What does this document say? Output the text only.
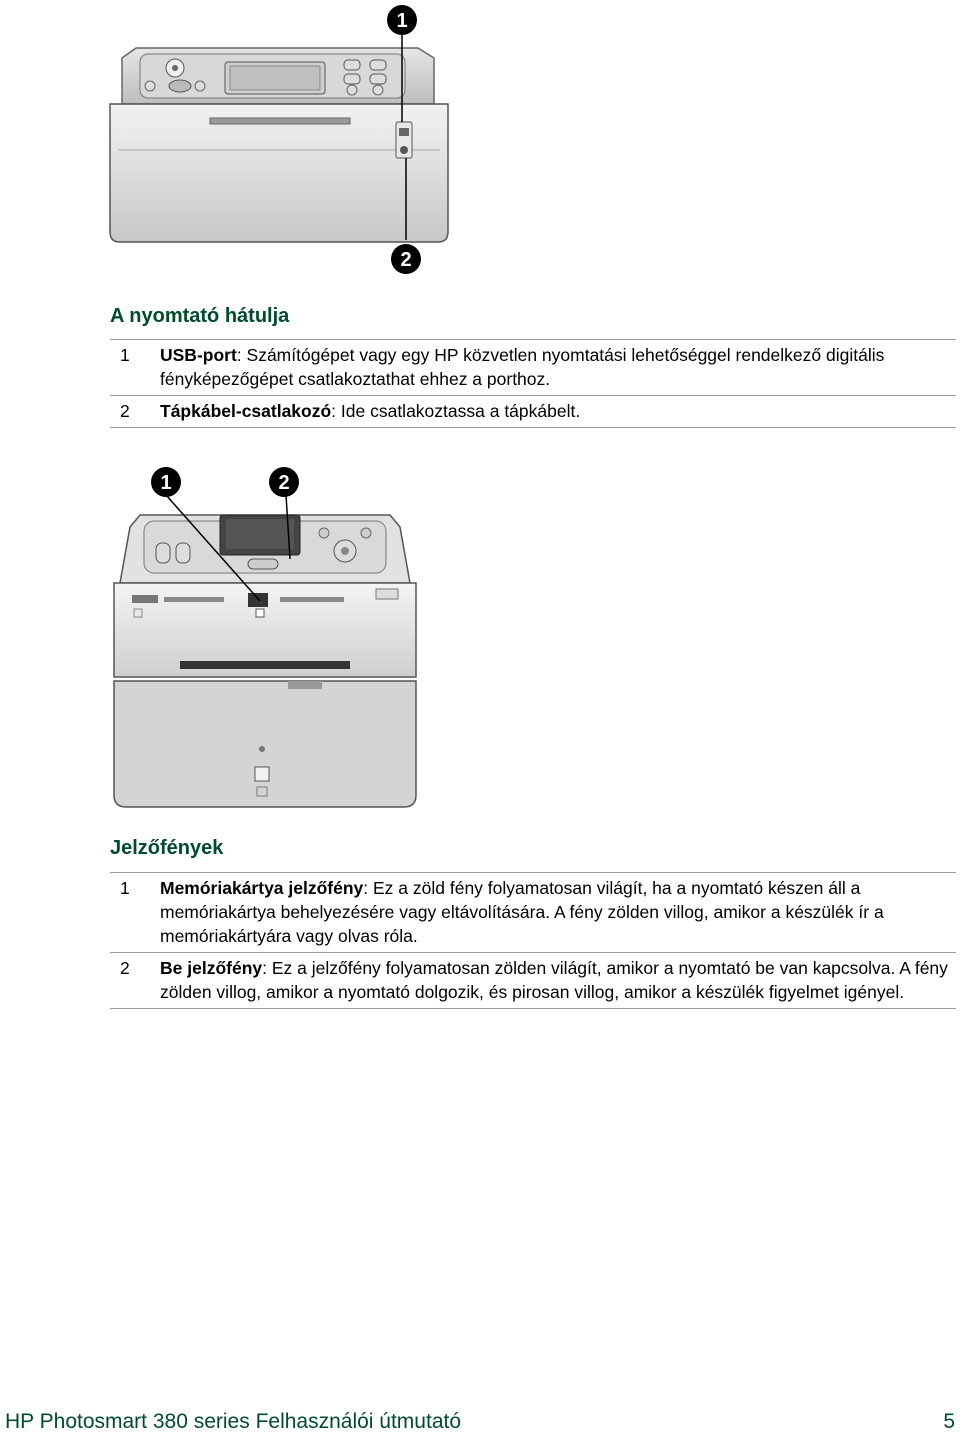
1
2
A nyomtató hátulja
1	USB-port: Számítógépet vagy egy HP közvetlen nyomtatási lehetőséggel rendelkező digitális fényképezőgépet csatlakoztathat ehhez a porthoz.
2	Tápkábel-csatlakozó: Ide csatlakoztassa a tápkábelt.
1	2
Jelzőfények
1	Memóriakártya jelzőfény: Ez a zöld fény folyamatosan világít, ha a nyomtató készen áll a memóriakártya behelyezésére vagy eltávolítására. A fény zölden villog, amikor a készülék ír a memóriakártyára vagy olvas róla.
2	Be jelzőfény: Ez a jelzőfény folyamatosan zölden világít, amikor a nyomtató be van kapcsolva. A fény zölden villog, amikor a nyomtató dolgozik, és pirosan villog, amikor a készülék figyelmet igényel.
HP Photosmart 380 series Felhasználói útmutató	5
